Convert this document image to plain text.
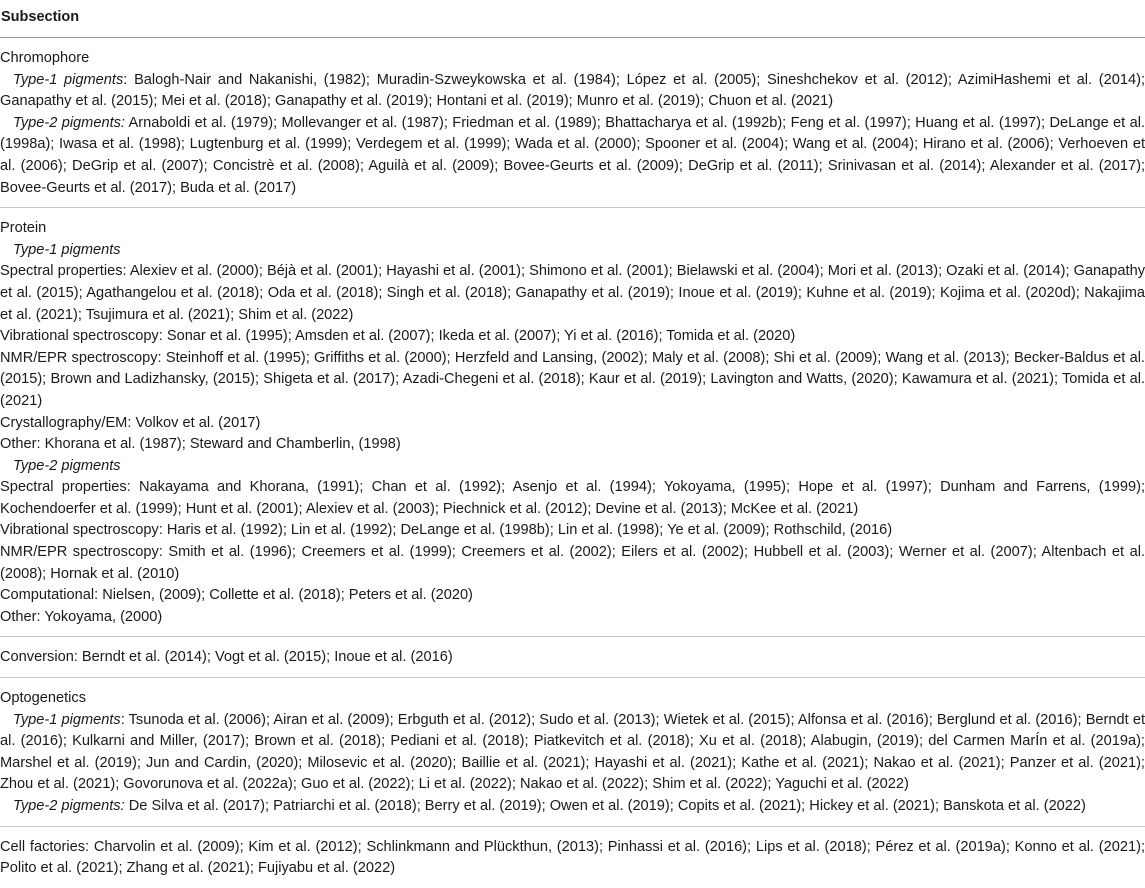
Subsection

Chromophore

Type-1 pigments: Balogh-Nair and Nakanishi, (1982); Muradin-Szweykowska et al. (1984); López et al. (2005); Sineshchekov et al. (2012); AzimiHashemi et al. (2014); Ganapathy et al. (2015); Mei et al. (2018); Ganapathy et al. (2019); Hontani et al. (2019); Munro et al. (2019); Chuon et al. (2021)

Type-2 pigments: Arnaboldi et al. (1979); Mollevanger et al. (1987); Friedman et al. (1989); Bhattacharya et al. (1992b); Feng et al. (1997); Huang et al. (1997); DeLange et al. (1998a); Iwasa et al. (1998); Lugtenburg et al. (1999); Verdegem et al. (1999); Wada et al. (2000); Spooner et al. (2004); Wang et al. (2004); Hirano et al. (2006); Verhoeven et al. (2006); DeGrip et al. (2007); Concistrè et al. (2008); Aguilà et al. (2009); Bovee-Geurts et al. (2009); DeGrip et al. (2011); Srinivasan et al. (2014); Alexander et al. (2017); Bovee-Geurts et al. (2017); Buda et al. (2017)

Protein

Type-1 pigments

Spectral properties: Alexiev et al. (2000); Béjà et al. (2001); Hayashi et al. (2001); Shimono et al. (2001); Bielawski et al. (2004); Mori et al. (2013); Ozaki et al. (2014); Ganapathy et al. (2015); Agathangelou et al. (2018); Oda et al. (2018); Singh et al. (2018); Ganapathy et al. (2019); Inoue et al. (2019); Kuhne et al. (2019); Kojima et al. (2020d); Nakajima et al. (2021); Tsujimura et al. (2021); Shim et al. (2022)

Vibrational spectroscopy: Sonar et al. (1995); Amsden et al. (2007); Ikeda et al. (2007); Yi et al. (2016); Tomida et al. (2020)

NMR/EPR spectroscopy: Steinhoff et al. (1995); Griffiths et al. (2000); Herzfeld and Lansing, (2002); Maly et al. (2008); Shi et al. (2009); Wang et al. (2013); Becker-Baldus et al. (2015); Brown and Ladizhansky, (2015); Shigeta et al. (2017); Azadi-Chegeni et al. (2018); Kaur et al. (2019); Lavington and Watts, (2020); Kawamura et al. (2021); Tomida et al. (2021)

Crystallography/EM: Volkov et al. (2017)

Other: Khorana et al. (1987); Steward and Chamberlin, (1998)

Type-2 pigments

Spectral properties: Nakayama and Khorana, (1991); Chan et al. (1992); Asenjo et al. (1994); Yokoyama, (1995); Hope et al. (1997); Dunham and Farrens, (1999); Kochendoerfer et al. (1999); Hunt et al. (2001); Alexiev et al. (2003); Piechnick et al. (2012); Devine et al. (2013); McKee et al. (2021)

Vibrational spectroscopy: Haris et al. (1992); Lin et al. (1992); DeLange et al. (1998b); Lin et al. (1998); Ye et al. (2009); Rothschild, (2016)

NMR/EPR spectroscopy: Smith et al. (1996); Creemers et al. (1999); Creemers et al. (2002); Eilers et al. (2002); Hubbell et al. (2003); Werner et al. (2007); Altenbach et al. (2008); Hornak et al. (2010)

Computational: Nielsen, (2009); Collette et al. (2018); Peters et al. (2020)

Other: Yokoyama, (2000)

Conversion: Berndt et al. (2014); Vogt et al. (2015); Inoue et al. (2016)

Optogenetics

Type-1 pigments: Tsunoda et al. (2006); Airan et al. (2009); Erbguth et al. (2012); Sudo et al. (2013); Wietek et al. (2015); Alfonsa et al. (2016); Berglund et al. (2016); Berndt et al. (2016); Kulkarni and Miller, (2017); Brown et al. (2018); Pediani et al. (2018); Piatkevitch et al. (2018); Xu et al. (2018); Alabugin, (2019); del Carmen MarÍn et al. (2019a); Marshel et al. (2019); Jun and Cardin, (2020); Milosevic et al. (2020); Baillie et al. (2021); Hayashi et al. (2021); Kathe et al. (2021); Nakao et al. (2021); Panzer et al. (2021); Zhou et al. (2021); Govorunova et al. (2022a); Guo et al. (2022); Li et al. (2022); Nakao et al. (2022); Shim et al. (2022); Yaguchi et al. (2022)

Type-2 pigments: De Silva et al. (2017); Patriarchi et al. (2018); Berry et al. (2019); Owen et al. (2019); Copits et al. (2021); Hickey et al. (2021); Banskota et al. (2022)

Cell factories: Charvolin et al. (2009); Kim et al. (2012); Schlinkmann and Plückthun, (2013); Pinhassi et al. (2016); Lips et al. (2018); Pérez et al. (2019a); Konno et al. (2021); Polito et al. (2021); Zhang et al. (2021); Fujiyabu et al. (2022)
